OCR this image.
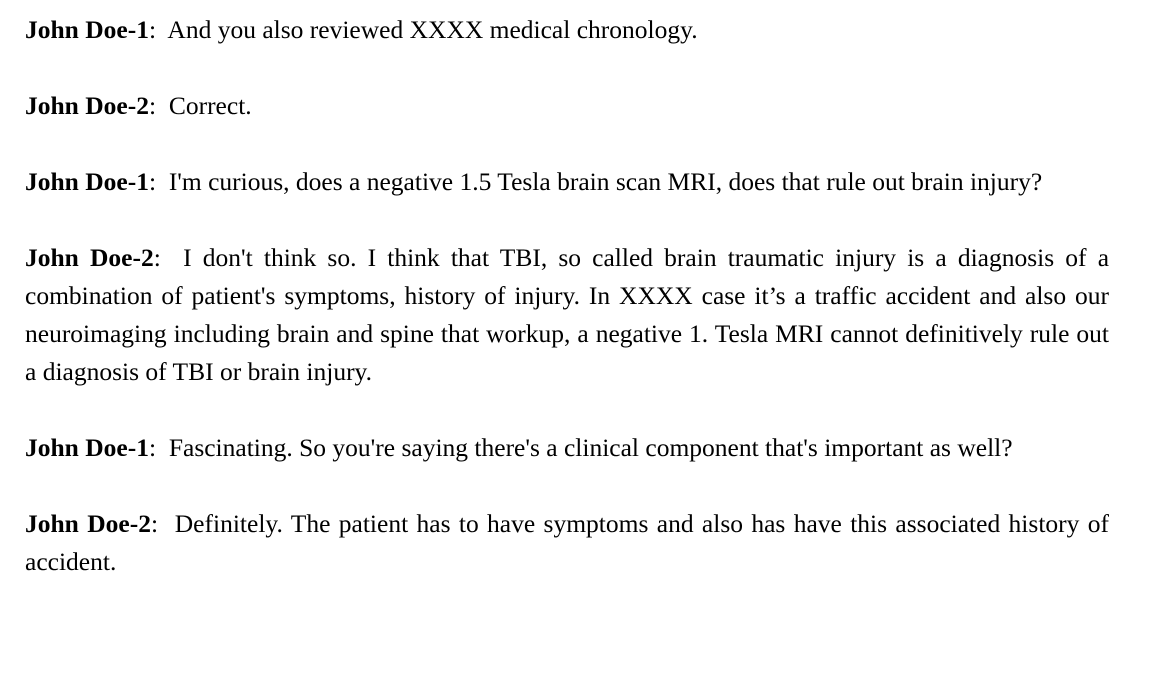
John Doe-1:  And you also reviewed XXXX medical chronology.

John Doe-2:  Correct.

John Doe-1:  I'm curious, does a negative 1.5 Tesla brain scan MRI, does that rule out brain injury?

John Doe-2:  I don't think so. I think that TBI, so called brain traumatic injury is a diagnosis of a combination of patient's symptoms, history of injury. In XXXX case it’s a traffic accident and also our neuroimaging including brain and spine that workup, a negative 1. Tesla MRI cannot definitively rule out a diagnosis of TBI or brain injury.

John Doe-1:  Fascinating. So you're saying there's a clinical component that's important as well?

John Doe-2:  Definitely. The patient has to have symptoms and also has have this associated history of accident.
